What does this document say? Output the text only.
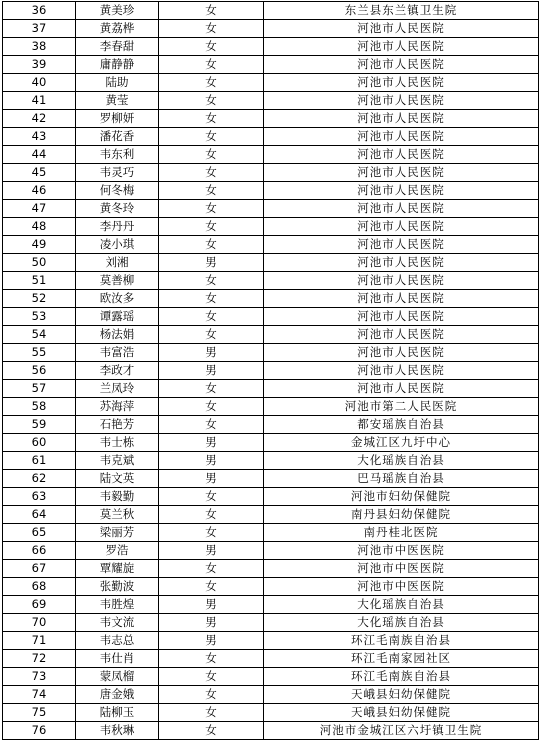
36	黄美珍	女	东兰县东兰镇卫生院
37	黄荔桦	女	河池市人民医院
38	李春甜	女	河池市人民医院
39	庸静静	女	河池市人民医院
40	陆助	女	河池市人民医院
41	黄莹	女	河池市人民医院
42	罗柳妍	女	河池市人民医院
43	潘花香	女	河池市人民医院
44	韦东利	女	河池市人民医院
45	韦灵巧	女	河池市人民医院
46	何冬梅	女	河池市人民医院
47	黄冬玲	女	河池市人民医院
48	李丹丹	女	河池市人民医院
49	凌小琪	女	河池市人民医院
50	刘湘	男	河池市人民医院
51	莫善柳	女	河池市人民医院
52	欧汝多	女	河池市人民医院
53	谭露瑶	女	河池市人民医院
54	杨法娟	女	河池市人民医院
55	韦富浩	男	河池市人民医院
56	李政才	男	河池市人民医院
57	兰凤玲	女	河池市人民医院
58	苏海萍	女	河池市第二人民医院
59	石艳芳	女	都安瑶族自治县
60	韦士栋	男	金城江区九圩中心
61	韦克斌	男	大化瑶族自治县
62	陆文英	男	巴马瑶族自治县
63	韦毅勤	女	河池市妇幼保健院
64	莫兰秋	女	南丹县妇幼保健院
65	梁丽芳	女	南丹桂北医院
66	罗浩	男	河池市中医医院
67	覃耀旋	女	河池市中医医院
68	张勤波	女	河池市中医医院
69	韦胜煌	男	大化瑶族自治县
70	韦文流	男	大化瑶族自治县
71	韦志总	男	环江毛南族自治县
72	韦仕肖	女	环江毛南家园社区
73	蒙凤榴	女	环江毛南族自治县
74	唐金娥	女	天峨县妇幼保健院
75	陆柳玉	女	天峨县妇幼保健院
76	韦秋琳	女	河池市金城江区六圩镇卫生院
